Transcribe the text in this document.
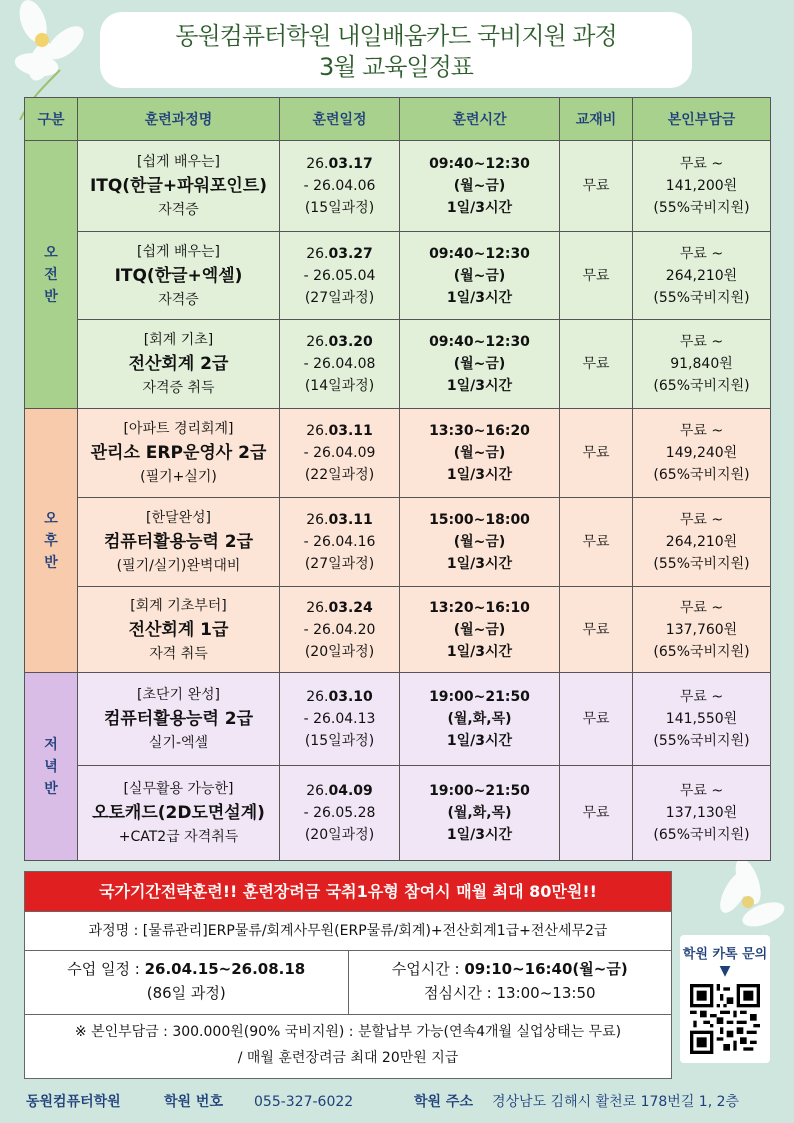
동원컴퓨터학원 내일배움카드 국비지원 과정
3월 교육일정표
구분	훈련과정명	훈련일정	훈련시간	교재비	본인부담금

오
전
반	[쉽게 배우는]
ITQ(한글+파워포인트)
자격증	26.03.17
- 26.04.06
(15일과정)	09:40~12:30
(월~금)
1일/3시간	무료	무료 ~
141,200원
(55%국비지원)

	[쉽게 배우는]
ITQ(한글+엑셀)
자격증	26.03.27
- 26.05.04
(27일과정)	09:40~12:30
(월~금)
1일/3시간	무료	무료 ~
264,210원
(55%국비지원)

	[회계 기초]
전산회계 2급
자격증 취득	26.03.20
- 26.04.08
(14일과정)	09:40~12:30
(월~금)
1일/3시간	무료	무료 ~
91,840원
(65%국비지원)

오
후
반	[아파트 경리회계]
관리소 ERP운영사 2급
(필기+실기)	26.03.11
- 26.04.09
(22일과정)	13:30~16:20
(월~금)
1일/3시간	무료	무료 ~
149,240원
(65%국비지원)

	[한달완성]
컴퓨터활용능력 2급
(필기/실기)완벽대비	26.03.11
- 26.04.16
(27일과정)	15:00~18:00
(월~금)
1일/3시간	무료	무료 ~
264,210원
(55%국비지원)

	[회계 기초부터]
전산회계 1급
자격 취득	26.03.24
- 26.04.20
(20일과정)	13:20~16:10
(월~금)
1일/3시간	무료	무료 ~
137,760원
(65%국비지원)

저
녁
반	[초단기 완성]
컴퓨터활용능력 2급
실기-엑셀	26.03.10
- 26.04.13
(15일과정)	19:00~21:50
(월,화,목)
1일/3시간	무료	무료 ~
141,550원
(55%국비지원)

	[실무활용 가능한]
오토캐드(2D도면설계)
+CAT2급 자격취득	26.04.09
- 26.05.28
(20일과정)	19:00~21:50
(월,화,목)
1일/3시간	무료	무료 ~
137,130원
(65%국비지원)
국가기간전략훈련!! 훈련장려금 국취1유형 참여시 매월 최대 80만원!!
과정명 : [물류관리]ERP물류/회계사무원(ERP물류/회계)+전산회계1급+전산세무2급
수업 일정 : 26.04.15~26.08.18
(86일 과정)
수업시간 : 09:10~16:40(월~금)
점심시간 : 13:00~13:50
※ 본인부담금 : 300.000원(90% 국비지원) : 분할납부 가능(연속4개월 실업상태는 무료)
/ 매월 훈련장려금 최대 20만원 지급
학원 카톡 문의
▼
동원컴퓨터학원	학원 번호 055-327-6022	학원 주소 경상남도 김해시 활천로 178번길 1, 2층
